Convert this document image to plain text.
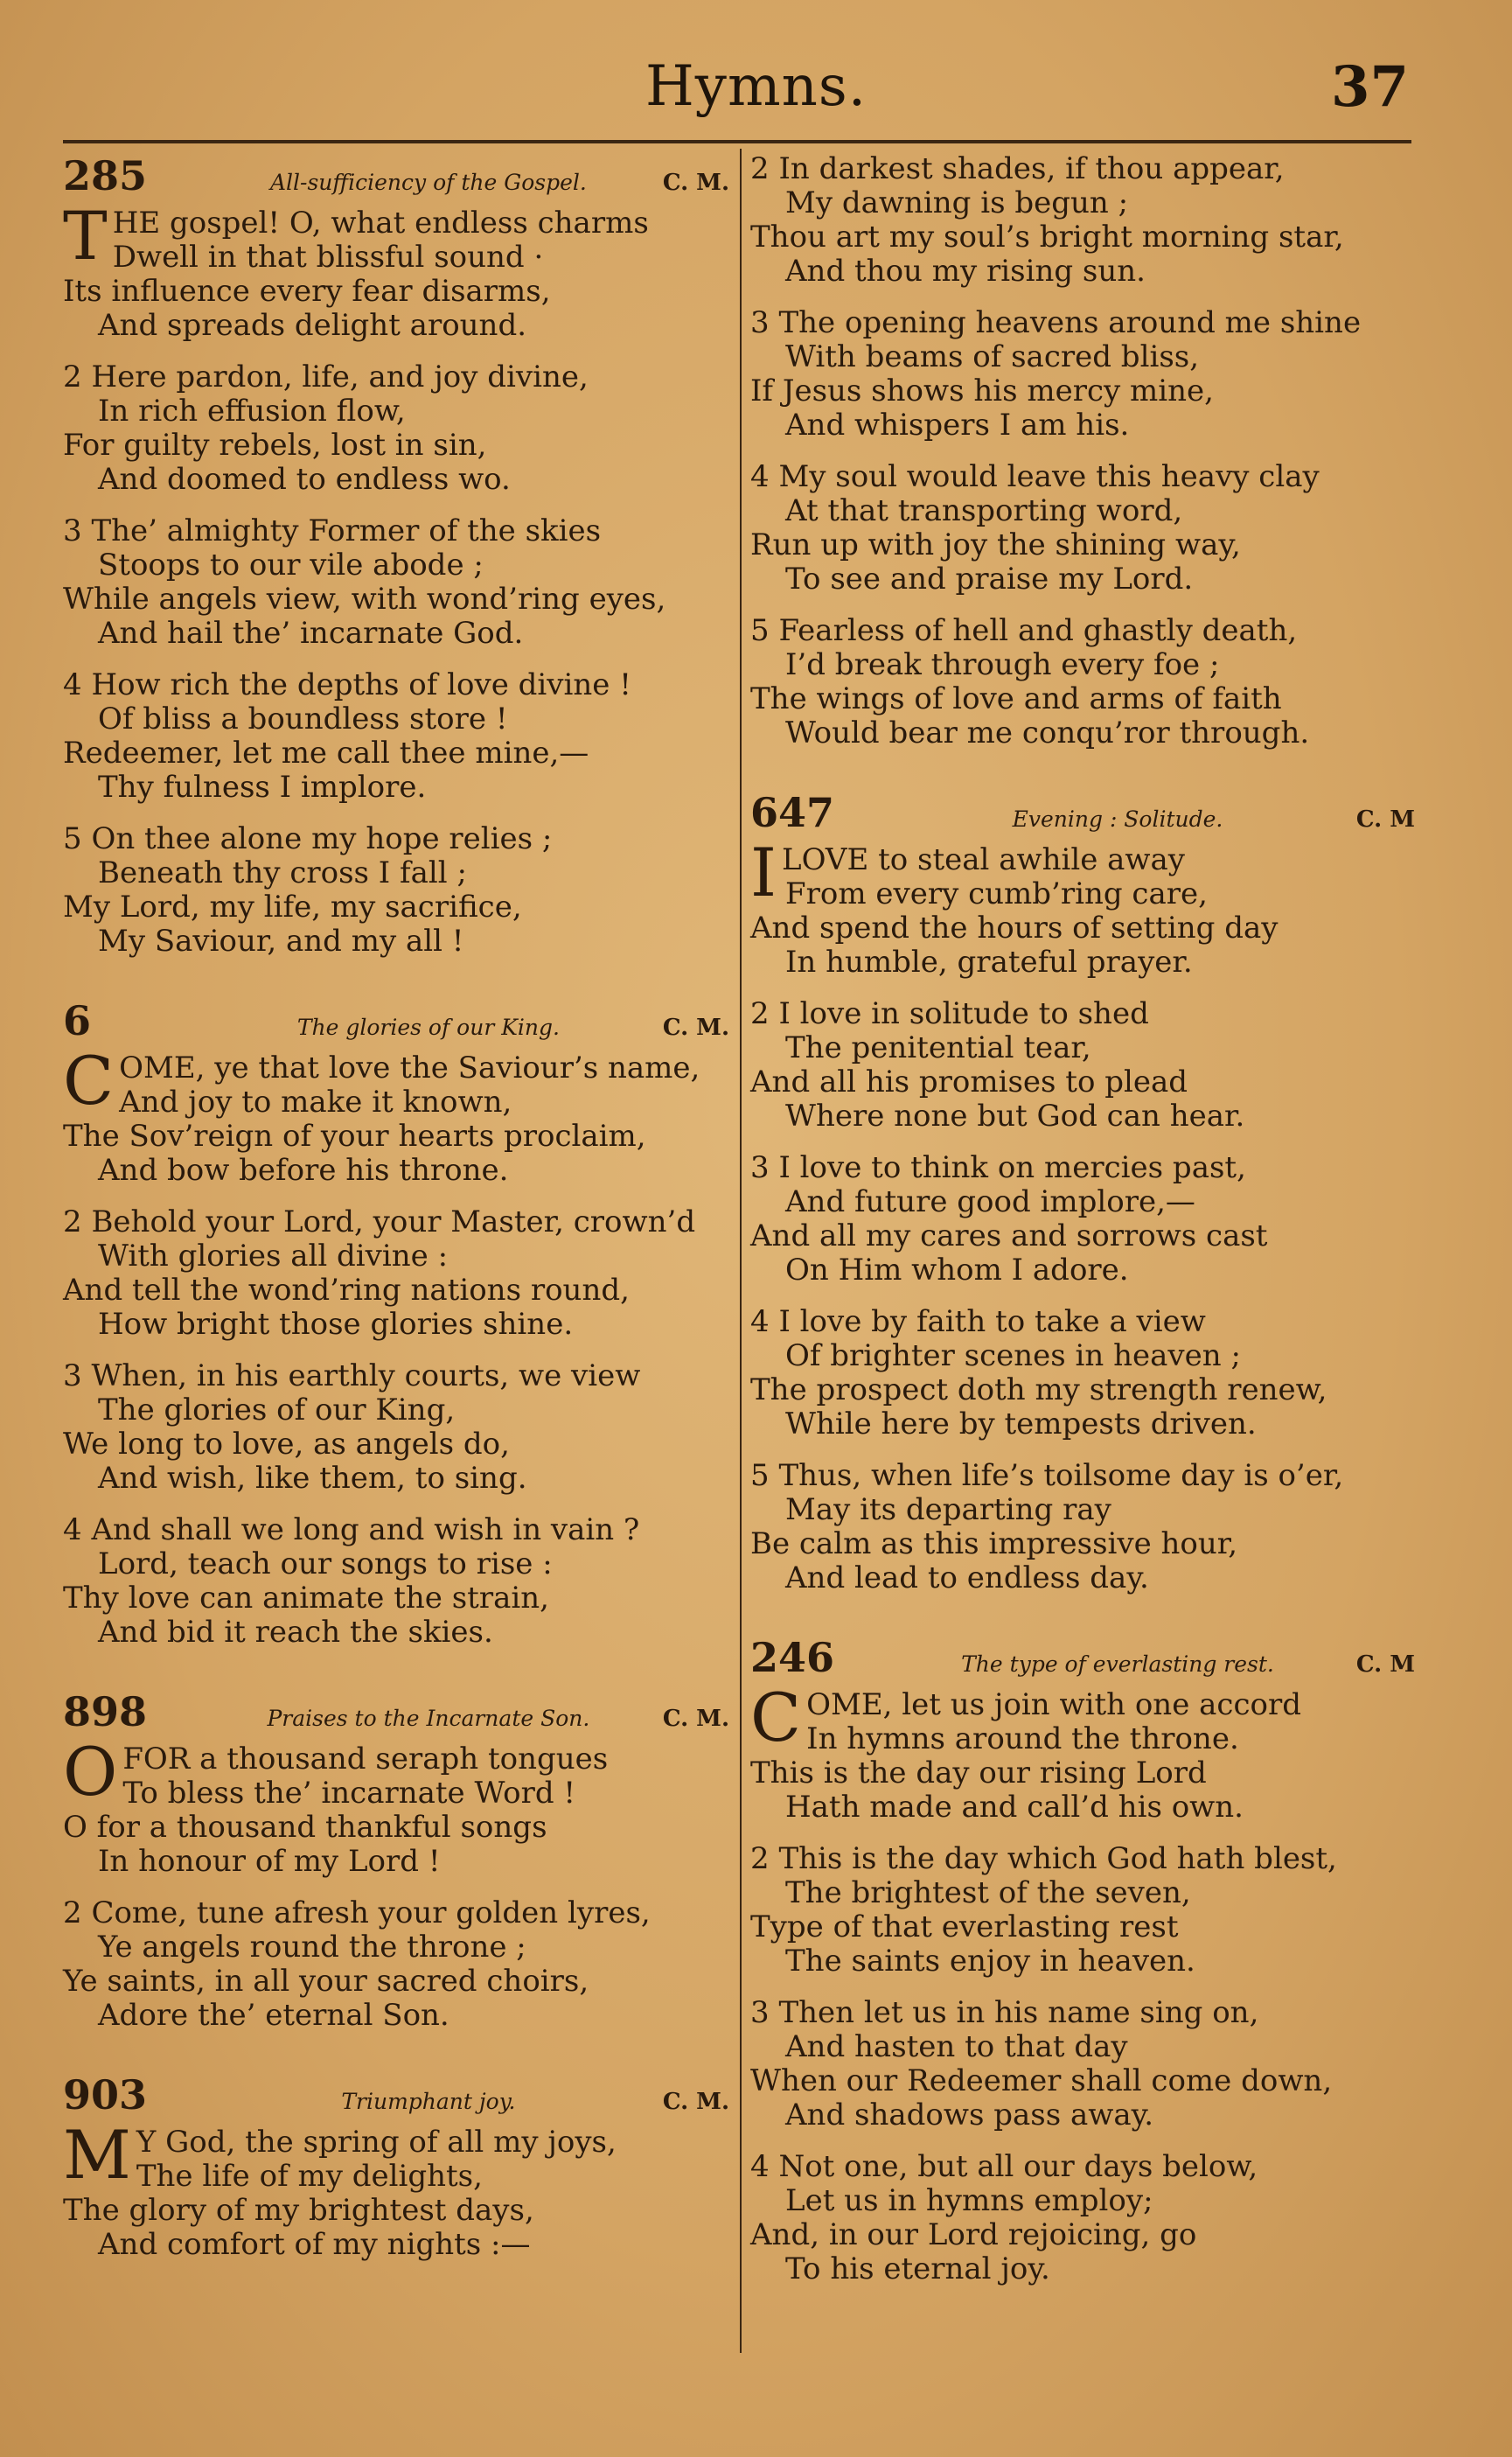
Hymns.	37
285	All-sufficiency of the Gospel.	C. M.
T HE gospel! O, what endless charms
Dwell in that blissful sound ·
Its influence every fear disarms,
And spreads delight around.
2 Here pardon, life, and joy divine,
In rich effusion flow,
For guilty rebels, lost in sin,
And doomed to endless wo.
3 The’ almighty Former of the skies
Stoops to our vile abode ;
While angels view, with wond’ring eyes,
And hail the’ incarnate God.
4 How rich the depths of love divine !
Of bliss a boundless store !
Redeemer, let me call thee mine,—
Thy fulness I implore.
5 On thee alone my hope relies ;
Beneath thy cross I fall ;
My Lord, my life, my sacrifice,
My Saviour, and my all !
6	The glories of our King.	C. M.
C OME, ye that love the Saviour’s name,
And joy to make it known,
The Sov’reign of your hearts proclaim,
And bow before his throne.
2 Behold your Lord, your Master, crown’d
With glories all divine :
And tell the wond’ring nations round,
How bright those glories shine.
3 When, in his earthly courts, we view
The glories of our King,
We long to love, as angels do,
And wish, like them, to sing.
4 And shall we long and wish in vain ?
Lord, teach our songs to rise :
Thy love can animate the strain,
And bid it reach the skies.
898	Praises to the Incarnate Son.	C. M.
O FOR a thousand seraph tongues
To bless the’ incarnate Word !
O for a thousand thankful songs
In honour of my Lord !
2 Come, tune afresh your golden lyres,
Ye angels round the throne ;
Ye saints, in all your sacred choirs,
Adore the’ eternal Son.
903	Triumphant joy.	C. M.
M Y God, the spring of all my joys,
The life of my delights,
The glory of my brightest days,
And comfort of my nights :—
2 In darkest shades, if thou appear,
My dawning is begun ;
Thou art my soul’s bright morning star,
And thou my rising sun.
3 The opening heavens around me shine
With beams of sacred bliss,
If Jesus shows his mercy mine,
And whispers I am his.
4 My soul would leave this heavy clay
At that transporting word,
Run up with joy the shining way,
To see and praise my Lord.
5 Fearless of hell and ghastly death,
I’d break through every foe ;
The wings of love and arms of faith
Would bear me conqu’ror through.
647	Evening : Solitude.	C. M
I LOVE to steal awhile away
From every cumb’ring care,
And spend the hours of setting day
In humble, grateful prayer.
2 I love in solitude to shed
The penitential tear,
And all his promises to plead
Where none but God can hear.
3 I love to think on mercies past,
And future good implore,—
And all my cares and sorrows cast
On Him whom I adore.
4 I love by faith to take a view
Of brighter scenes in heaven ;
The prospect doth my strength renew,
While here by tempests driven.
5 Thus, when life’s toilsome day is o’er,
May its departing ray
Be calm as this impressive hour,
And lead to endless day.
246	The type of everlasting rest.	C. M
C OME, let us join with one accord
In hymns around the throne.
This is the day our rising Lord
Hath made and call’d his own.
2 This is the day which God hath blest,
The brightest of the seven,
Type of that everlasting rest
The saints enjoy in heaven.
3 Then let us in his name sing on,
And hasten to that day
When our Redeemer shall come down,
And shadows pass away.
4 Not one, but all our days below,
Let us in hymns employ;
And, in our Lord rejoicing, go
To his eternal joy.
